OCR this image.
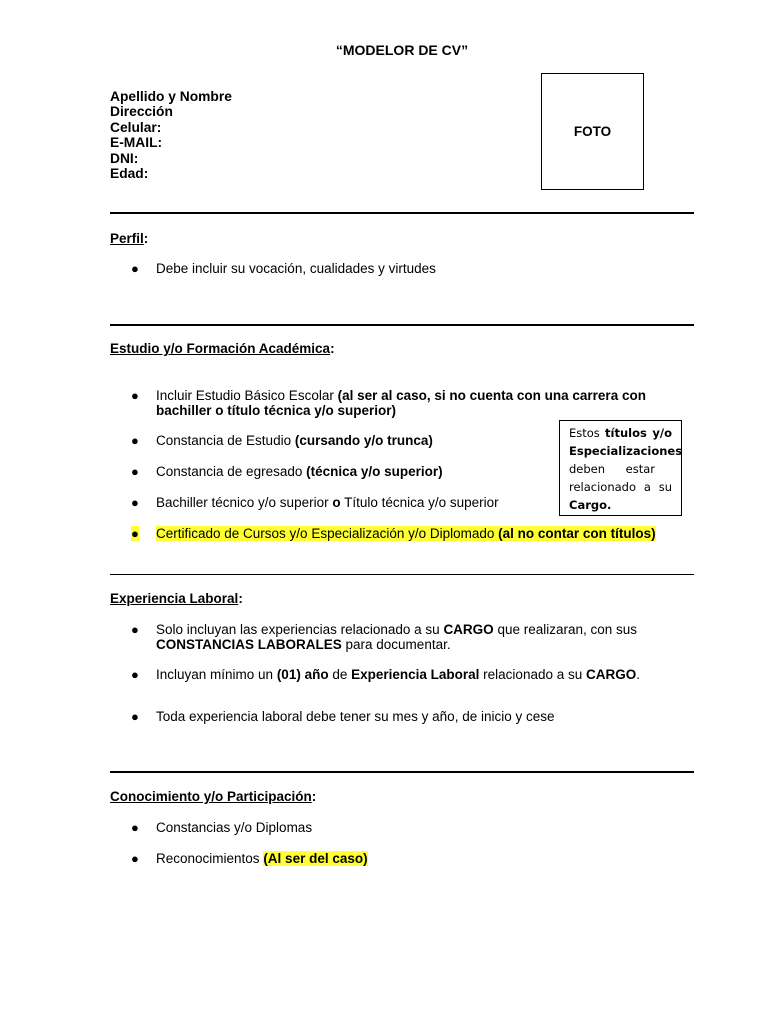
“MODELOR DE CV”
Apellido y Nombre
Dirección
Celular:
E-MAIL:
DNI:
Edad:
FOTO
Perfil:
●	Debe incluir su vocación, cualidades y virtudes
Estudio y/o Formación Académica:
●	Incluir Estudio Básico Escolar (al ser al caso, si no cuenta con una carrera con bachiller o título técnica y/o superior)
●	Constancia de Estudio (cursando y/o trunca)
●	Constancia de egresado (técnica y/o superior)
●	Bachiller técnico y/o superior o Título técnica y/o superior
●	Certificado de Cursos y/o Especialización y/o Diplomado (al no contar con títulos)

Estos títulos y/o Especializaciones deben estar relacionado a su Cargo.

Experiencia Laboral:
●	Solo incluyan las experiencias relacionado a su CARGO que realizaran, con sus CONSTANCIAS LABORALES para documentar.
●	Incluyan mínimo un (01) año de Experiencia Laboral relacionado a su CARGO.
●	Toda experiencia laboral debe tener su mes y año, de inicio y cese
Conocimiento y/o Participación:
●	Constancias y/o Diplomas
●	Reconocimientos (Al ser del caso)
